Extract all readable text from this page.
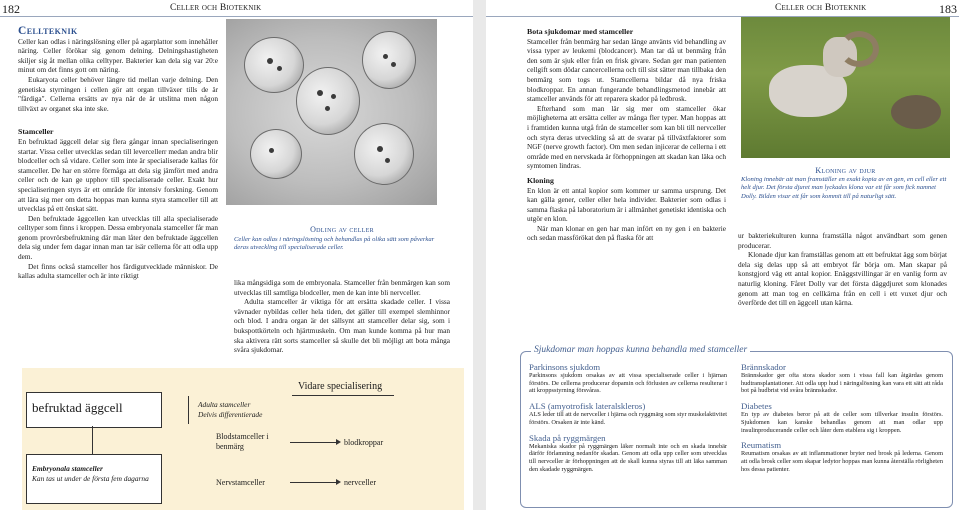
182	Celler och Bioteknik	Celler och Bioteknik	183
Cellteknik

Celler kan odlas i näringslösning eller på agarplattor som innehåller näring. Celler förökar sig genom delning. Delningshastigheten skiljer sig åt mellan olika celltyper. Bakterier kan dela sig var 20:e minut om det finns gott om näring.

Eukaryota celler behöver längre tid mellan varje delning. Den genetiska styrningen i cellen gör att organ tillväxer tills de är "färdiga". Cellerna ersätts av nya när de är utslitna men någon tillväxt av organet ska inte ske.

Stamceller

En befruktad äggcell delar sig flera gångar innan specialiseringen startar. Vissa celler utvecklas sedan till levercellerr medan andra blir blodceller och så vidare. Celler som inte är specialiserade kallas för stamceller. De har en större förmåga att dela sig jämfört med andra celler och de kan ge upphov till specialiserade celler. Exakt hur specialiseringen styrs är ett område för intensiv forskning. Genom att lära sig mer om detta hoppas man kunna styra stamceller till att utvecklas på ett önskat sätt.

Den befruktade äggcellen kan utvecklas till alla specialiserade celltyper som finns i kroppen. Dessa embryonala stamceller får man genom provrörsbefruktning där man låter den befruktade äggcellen dela sig under fem dagar innan man tar isär cellerna för att odla upp dem.

Det finns också stamceller hos färdigutvecklade människor. De kallas adulta stamceller och är inte riktigt

Odling av celler
Celler kan odlas i näringslösning och behandlas på olika sätt som påverkar deras utveckling till specialiserade celler.

lika mångsidiga som de embryonala. Stamceller från benmärgen kan som utvecklas till samtliga blodceller, men de kan inte bli nervceller.

Adulta stamceller är viktiga för att ersätta skadade celler. I vissa vävnader nybildas celler hela tiden, det gäller till exempel slemhinnor och blod. I andra organ är det sällsynt att stamceller delar sig, som i bukspottkörteln och hjärtmuskeln. Om man kunde komma på hur man ska aktivera rätt sorts stamceller så skulle det bli möjligt att bota många svåra sjukdomar.

befruktad äggcell
Embryonala stamceller
Kan tas ut under de första fem dagarna
Adulta stamceller
Delvis differentierade
Vidare specialisering
Blodstamceller i benmärg	blodkroppar
Nervstamceller	nervceller

Bota sjukdomar med stamceller

Stamceller från benmärg har sedan länge använts vid behandling av vissa typer av leukemi (blodcancer). Man tar då ut benmärg från den som är sjuk eller från en frisk givare. Sedan ger man patienten cellgift som dödar cancercellerna och till sist sätter man tillbaka den benmärg som togs ut. Stamcellerna bildar då nya friska blodkroppar. En annan fungerande behandlingsmetod innebär att stamceller används för att reparera skador på ledbrosk.

Efterhand som man lär sig mer om stamceller ökar möjligheterna att ersätta celler av många fler typer. Man hoppas att i framtiden kunna utgå från de stamceller som kan bli till nervceller och styra deras utveckling så att de svarar på tillväxtfaktorer som NGF (nerve growth factor). Om men sedan injicerar de cellerna i ett område med en nervskada är förhoppningen att skadan kan läka och symtomen lindras.

Kloning

En klon är ett antal kopior som kommer ur samma ursprung. Det kan gälla gener, celler eller hela individer. Bakterier som odlas i samma flaska på laboratorium är i allmänhet genetiskt identiska och utgör en klon.

När man klonar en gen har man infört en ny gen i en bakterie och sedan massförökat den på flaska för att

Kloning av djur
Kloning innebär att man framställer en exakt kopia av en gen, en cell eller ett helt djur. Det första djuret man lyckades klona var ett får som fick namnet Dolly. Bilden visar ett får som kommit till på naturligt sätt.

ur bakteriekulturen kunna framställa något användbart som genen producerar.

Klonade djur kan framställas genom att ett befruktat ägg som börjat dela sig delas upp så att embryot får börja om. Man skapar på konstgjord väg ett antal kopior. Enäggstvillingar är en vanlig form av naturlig kloning. Fåret Dolly var det första däggdjuret som klonades genom att man tog en cellkärna från en cell i ett vuxet djur och överförde det till en äggcell utan kärna.

Sjukdomar man hoppas kunna behandla med stamceller
Parkinsons sjukdom
Parkinsons sjukdom orsakas av att vissa specialiserade celler i hjärnan förstörs. De cellerna producerar dopamin och förlusten av cellerna resulterar i att kroppsstyrning försvåras.
ALS (amyotrofisk lateralskleros)
ALS leder till att de nervceller i hjärna och ryggmärg som styr muskelaktivitet förstörs. Orsaken är inte känd.
Skada på ryggmärgen
Mekaniska skador på ryggmärgen läker normalt inte och en skada innebär därför förlamning nedanför skadan. Genom att odla upp celler som utvecklas till nervceller är förhoppningen att de skall kunna styras till att läka samman den skadade ryggmärgen.
Brännskador
Brännskador ger ofta stora skador som i vissa fall kan åtgärdas genom hudtransplantationer. Att odla upp hud i näringslösning kan vara ett sätt att råda bot på hudbrist vid svåra brännskador.
Diabetes
En typ av diabetes beror på att de celler som tillverkar insulin förstörs. Sjukdomen kan kanske behandlas genom att man odlar upp insulinproducerande celler och låter dem etablera sig i kroppen.
Reumatism
Reumatism orsakas av att inflammationer bryter ned brosk på lederna. Genom att odla brosk celler som skapar ledytor hoppas man kunna återställa rörligheten hos dessa patienter.
